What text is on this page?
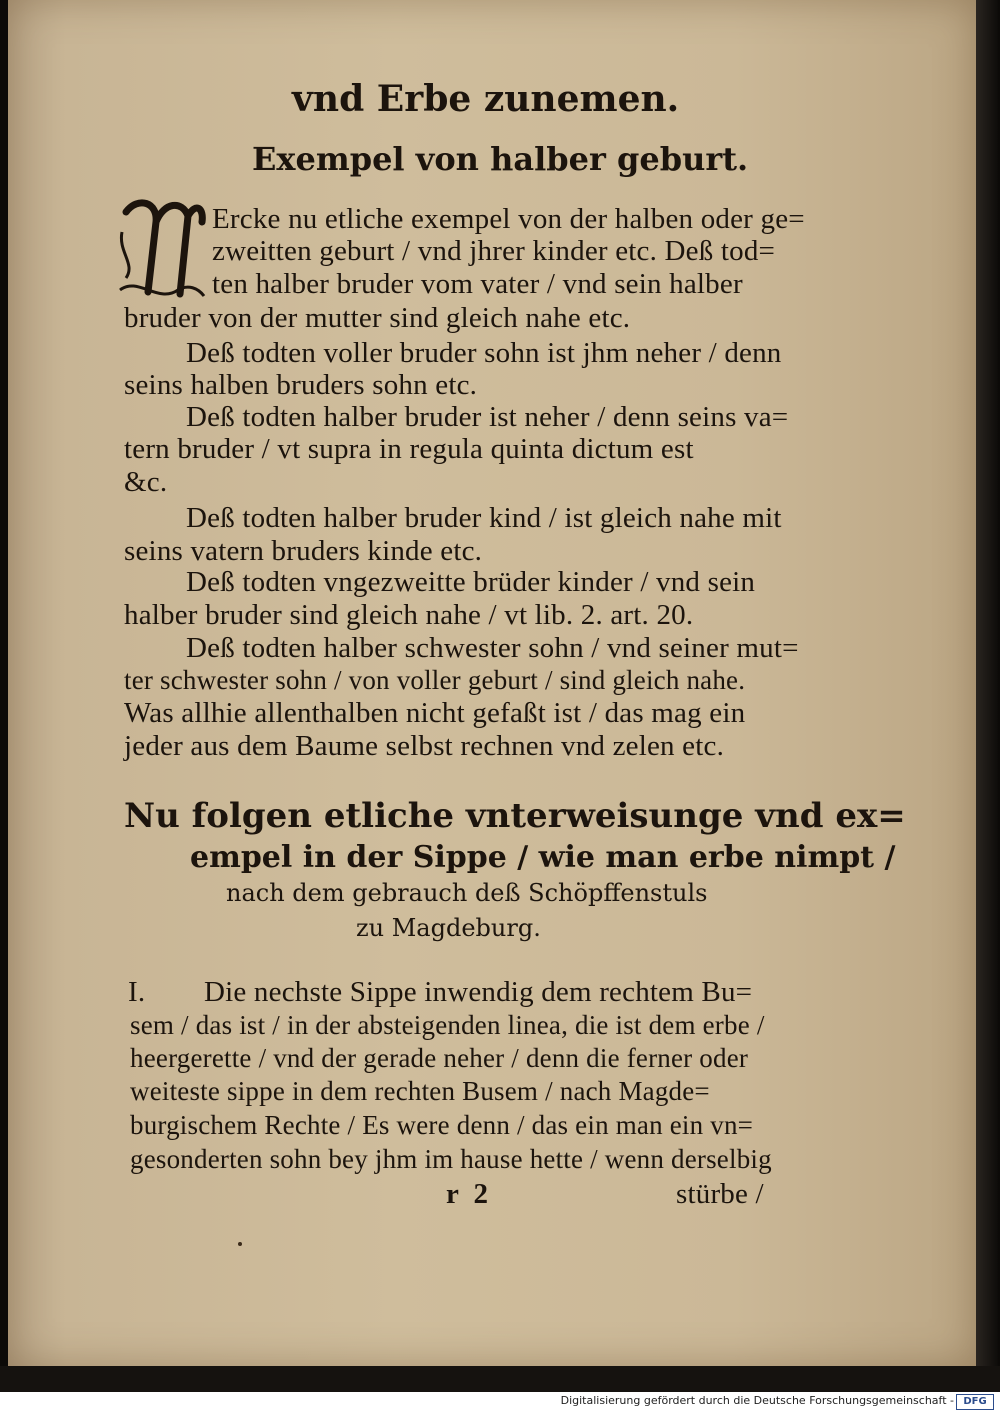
vnd Erbe zunemen.
Exempel von halber geburt.
Ercke nu etliche exempel von der halben oder ge=
zweitten geburt / vnd jhrer kinder etc. Deß tod=
ten halber bruder vom vater / vnd sein halber
bruder von der mutter sind gleich nahe etc.
Deß todten voller bruder sohn ist jhm neher / denn
seins halben bruders sohn etc.
Deß todten halber bruder ist neher / denn seins va=
tern bruder / vt supra in regula quinta dictum est
&c.
Deß todten halber bruder kind / ist gleich nahe mit
seins vatern bruders kinde etc.
Deß todten vngezweitte brüder kinder / vnd sein
halber bruder sind gleich nahe / vt lib. 2. art. 20.
Deß todten halber schwester sohn / vnd seiner mut=
ter schwester sohn / von voller geburt / sind gleich nahe.
Was allhie allenthalben nicht gefaßt ist / das mag ein
jeder aus dem Baume selbst rechnen vnd zelen etc.
Nu folgen etliche vnterweisunge vnd ex=
empel in der Sippe / wie man erbe nimpt /
nach dem gebrauch deß Schöpffenstuls
zu Magdeburg.
I. Die nechste Sippe inwendig dem rechtem Bu=
sem / das ist / in der absteigenden linea, die ist dem erbe /
heergerette / vnd der gerade neher / denn die ferner oder
weiteste sippe in dem rechten Busem / nach Magde=
burgischem Rechte / Es were denn / das ein man ein vn=
gesonderten sohn bey jhm im hause hette / wenn derselbig
r  2	stürbe /
Digitalisierung gefördert durch die Deutsche Forschungsgemeinschaft - DFG
